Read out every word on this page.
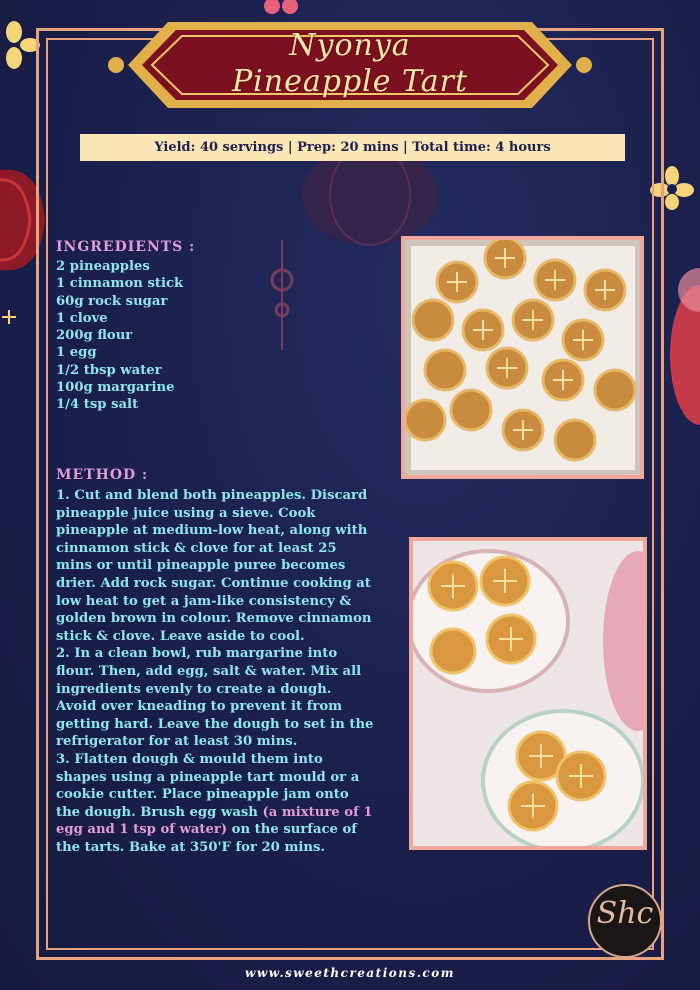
Nyonya
Pineapple Tart
Yield: 40 servings | Prep: 20 mins | Total time: 4 hours
INGREDIENTS :
2 pineapples
1 cinnamon stick
60g rock sugar
1 clove
200g flour
1 egg
1/2 tbsp water
100g margarine
1/4 tsp salt
METHOD :

1. Cut and blend both pineapples. Discard pineapple juice using a sieve. Cook pineapple at medium-low heat, along with cinnamon stick & clove for at least 25 mins or until pineapple puree becomes drier. Add rock sugar. Continue cooking at low heat to get a jam-like consistency & golden brown in colour. Remove cinnamon stick & clove. Leave aside to cool.

2. In a clean bowl, rub margarine into flour. Then, add egg, salt & water. Mix all ingredients evenly to create a dough. Avoid over kneading to prevent it from getting hard. Leave the dough to set in the refrigerator for at least 30 mins.

3. Flatten dough & mould them into shapes using a pineapple tart mould or a cookie cutter. Place pineapple jam onto the dough. Brush egg wash (a mixture of 1 egg and 1 tsp of water) on the surface of the tarts. Bake at 350'F for 20 mins.

Shc
www.sweethcreations.com
